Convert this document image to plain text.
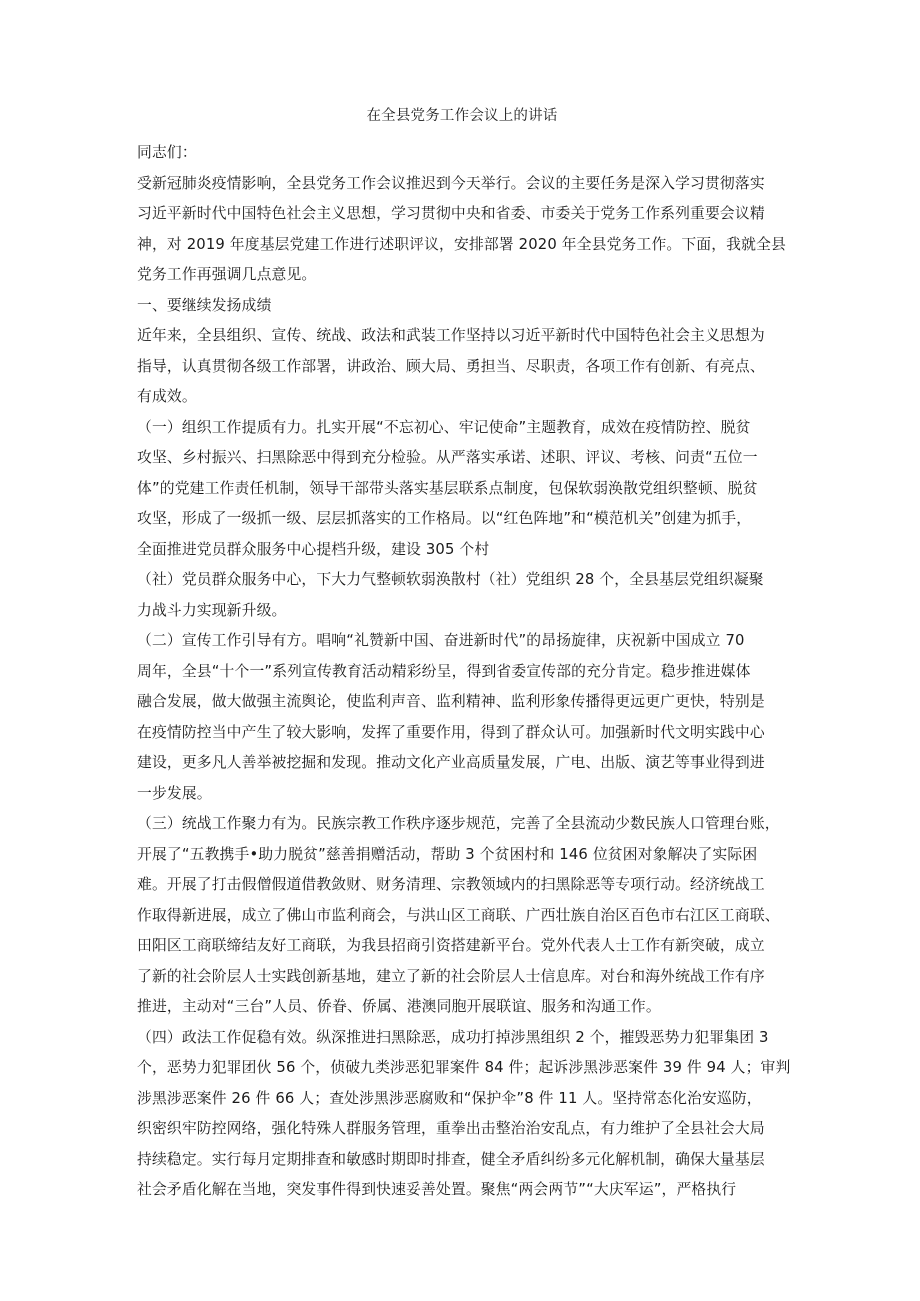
在全县党务工作会议上的讲话
同志们：
受新冠肺炎疫情影响，全县党务工作会议推迟到今天举行。会议的主要任务是深入学习贯彻落实
习近平新时代中国特色社会主义思想，学习贯彻中央和省委、市委关于党务工作系列重要会议精
神，对 2019 年度基层党建工作进行述职评议，安排部署 2020 年全县党务工作。下面，我就全县
党务工作再强调几点意见。
一、要继续发扬成绩
近年来，全县组织、宣传、统战、政法和武装工作坚持以习近平新时代中国特色社会主义思想为
指导，认真贯彻各级工作部署，讲政治、顾大局、勇担当、尽职责，各项工作有创新、有亮点、
有成效。
（一）组织工作提质有力。扎实开展“不忘初心、牢记使命”主题教育，成效在疫情防控、脱贫
攻坚、乡村振兴、扫黑除恶中得到充分检验。从严落实承诺、述职、评议、考核、问责“五位一
体”的党建工作责任机制，领导干部带头落实基层联系点制度，包保软弱涣散党组织整顿、脱贫
攻坚，形成了一级抓一级、层层抓落实的工作格局。以“红色阵地”和“模范机关”创建为抓手，
全面推进党员群众服务中心提档升级，建设 305 个村
（社）党员群众服务中心，下大力气整顿软弱涣散村（社）党组织 28 个，全县基层党组织凝聚
力战斗力实现新升级。
（二）宣传工作引导有方。唱响“礼赞新中国、奋进新时代”的昂扬旋律，庆祝新中国成立 70
周年，全县“十个一”系列宣传教育活动精彩纷呈，得到省委宣传部的充分肯定。稳步推进媒体
融合发展，做大做强主流舆论，使监利声音、监利精神、监利形象传播得更远更广更快，特别是
在疫情防控当中产生了较大影响，发挥了重要作用，得到了群众认可。加强新时代文明实践中心
建设，更多凡人善举被挖掘和发现。推动文化产业高质量发展，广电、出版、演艺等事业得到进
一步发展。
（三）统战工作聚力有为。民族宗教工作秩序逐步规范，完善了全县流动少数民族人口管理台账，
开展了“五教携手•助力脱贫”慈善捐赠活动，帮助 3 个贫困村和 146 位贫困对象解决了实际困
难。开展了打击假僧假道借教敛财、财务清理、宗教领域内的扫黑除恶等专项行动。经济统战工
作取得新进展，成立了佛山市监利商会，与洪山区工商联、广西壮族自治区百色市右江区工商联、
田阳区工商联缔结友好工商联，为我县招商引资搭建新平台。党外代表人士工作有新突破，成立
了新的社会阶层人士实践创新基地，建立了新的社会阶层人士信息库。对台和海外统战工作有序
推进，主动对“三台”人员、侨眷、侨属、港澳同胞开展联谊、服务和沟通工作。
（四）政法工作促稳有效。纵深推进扫黑除恶，成功打掉涉黑组织 2 个，摧毁恶势力犯罪集团 3
个，恶势力犯罪团伙 56 个，侦破九类涉恶犯罪案件 84 件；起诉涉黑涉恶案件 39 件 94 人；审判
涉黑涉恶案件 26 件 66 人；查处涉黑涉恶腐败和“保护伞”8 件 11 人。坚持常态化治安巡防，
织密织牢防控网络，强化特殊人群服务管理，重拳出击整治治安乱点，有力维护了全县社会大局
持续稳定。实行每月定期排查和敏感时期即时排查，健全矛盾纠纷多元化解机制，确保大量基层
社会矛盾化解在当地，突发事件得到快速妥善处置。聚焦“两会两节”“大庆军运”，严格执行
